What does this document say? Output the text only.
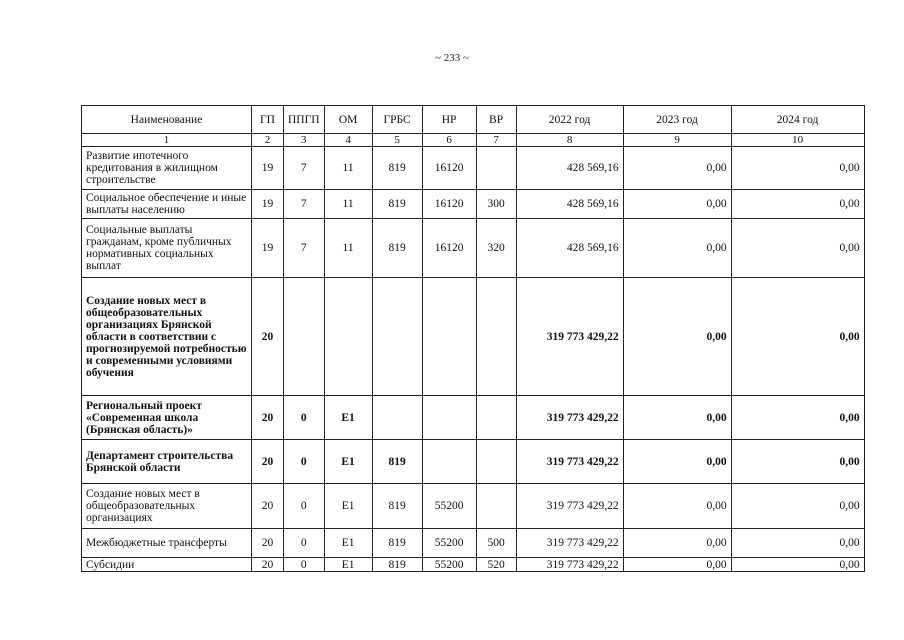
~ 233 ~
Наименование	ГП	ППГП	ОМ	ГРБС	НР	ВР	2022 год	2023 год	2024 год
1	2	3	4	5	6	7	8	9	10
Развитие ипотечного кредитования в жилищном строительстве	19	7	11	819	16120		428 569,16	0,00	0,00
Социальное обеспечение и иные выплаты населению	19	7	11	819	16120	300	428 569,16	0,00	0,00
Социальные выплаты гражданам, кроме публичных нормативных социальных выплат	19	7	11	819	16120	320	428 569,16	0,00	0,00
Создание новых мест в общеобразовательных организациях Брянской области в соответствии с прогнозируемой потребностью и современными условиями обучения	20						319 773 429,22	0,00	0,00
Региональный проект «Современная школа (Брянская область)»	20	0	E1				319 773 429,22	0,00	0,00
Департамент строительства Брянской области	20	0	E1	819			319 773 429,22	0,00	0,00
Создание новых мест в общеобразовательных организациях	20	0	E1	819	55200		319 773 429,22	0,00	0,00
Межбюджетные трансферты	20	0	E1	819	55200	500	319 773 429,22	0,00	0,00
Субсидии	20	0	E1	819	55200	520	319 773 429,22	0,00	0,00
